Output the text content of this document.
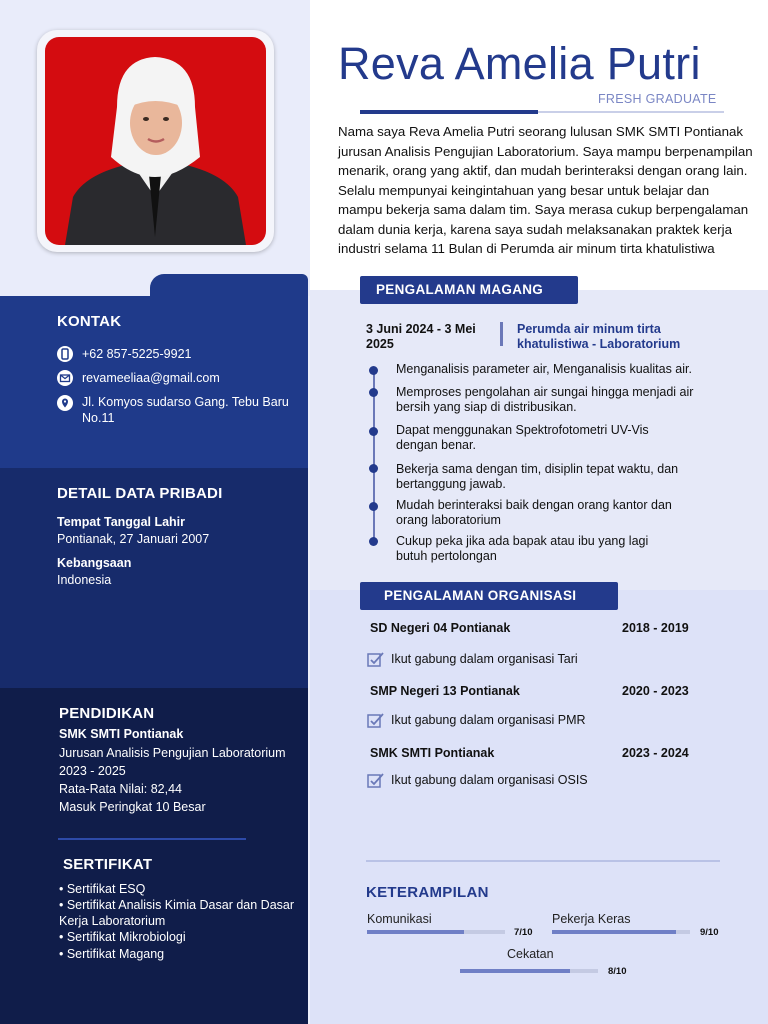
KONTAK
+62 857-5225-9921
revameeliaa@gmail.com
Jl. Komyos sudarso Gang. Tebu Baru
No.11
DETAIL DATA PRIBADI
Tempat Tanggal Lahir
Pontianak, 27 Januari 2007
Kebangsaan
Indonesia
PENDIDIKAN
SMK SMTI Pontianak
Jurusan Analisis Pengujian Laboratorium
2023 - 2025
Rata-Rata Nilai: 82,44
Masuk Peringkat 10 Besar
SERTIFIKAT
• Sertifikat ESQ
• Sertifikat Analisis Kimia Dasar dan Dasar
Kerja Laboratorium
• Sertifikat Mikrobiologi
• Sertifikat Magang
Reva Amelia Putri
FRESH GRADUATE
Nama saya Reva Amelia Putri seorang lulusan SMK SMTI Pontianak jurusan Analisis Pengujian Laboratorium. Saya mampu berpenampilan menarik, orang yang aktif, dan mudah berinteraksi dengan orang lain. Selalu mempunyai keingintahuan yang besar untuk belajar dan mampu bekerja sama dalam tim. Saya merasa cukup berpengalaman dalam dunia kerja, karena saya sudah melaksanakan praktek kerja industri selama 11 Bulan di Perumda air minum tirta khatulistiwa
PENGALAMAN MAGANG
3 Juni 2024 - 3 Mei
2025
Perumda air minum tirta
khatulistiwa - Laboratorium
Menganalisis parameter air, Menganalisis kualitas air.
Memproses pengolahan air sungai hingga menjadi air
bersih yang siap di distribusikan.
Dapat menggunakan Spektrofotometri UV-Vis
dengan benar.
Bekerja sama dengan tim, disiplin tepat waktu, dan
bertanggung jawab.
Mudah berinteraksi baik dengan orang kantor dan
orang laboratorium
Cukup peka jika ada bapak atau ibu yang lagi
butuh pertolongan
PENGALAMAN ORGANISASI
SD Negeri 04 Pontianak	2018 - 2019
Ikut gabung dalam organisasi Tari
SMP Negeri 13 Pontianak	2020 - 2023
Ikut gabung dalam organisasi PMR
SMK SMTI Pontianak	2023 - 2024
Ikut gabung dalam organisasi OSIS
KETERAMPILAN
Komunikasi
7/10
Pekerja Keras
9/10
Cekatan
8/10
